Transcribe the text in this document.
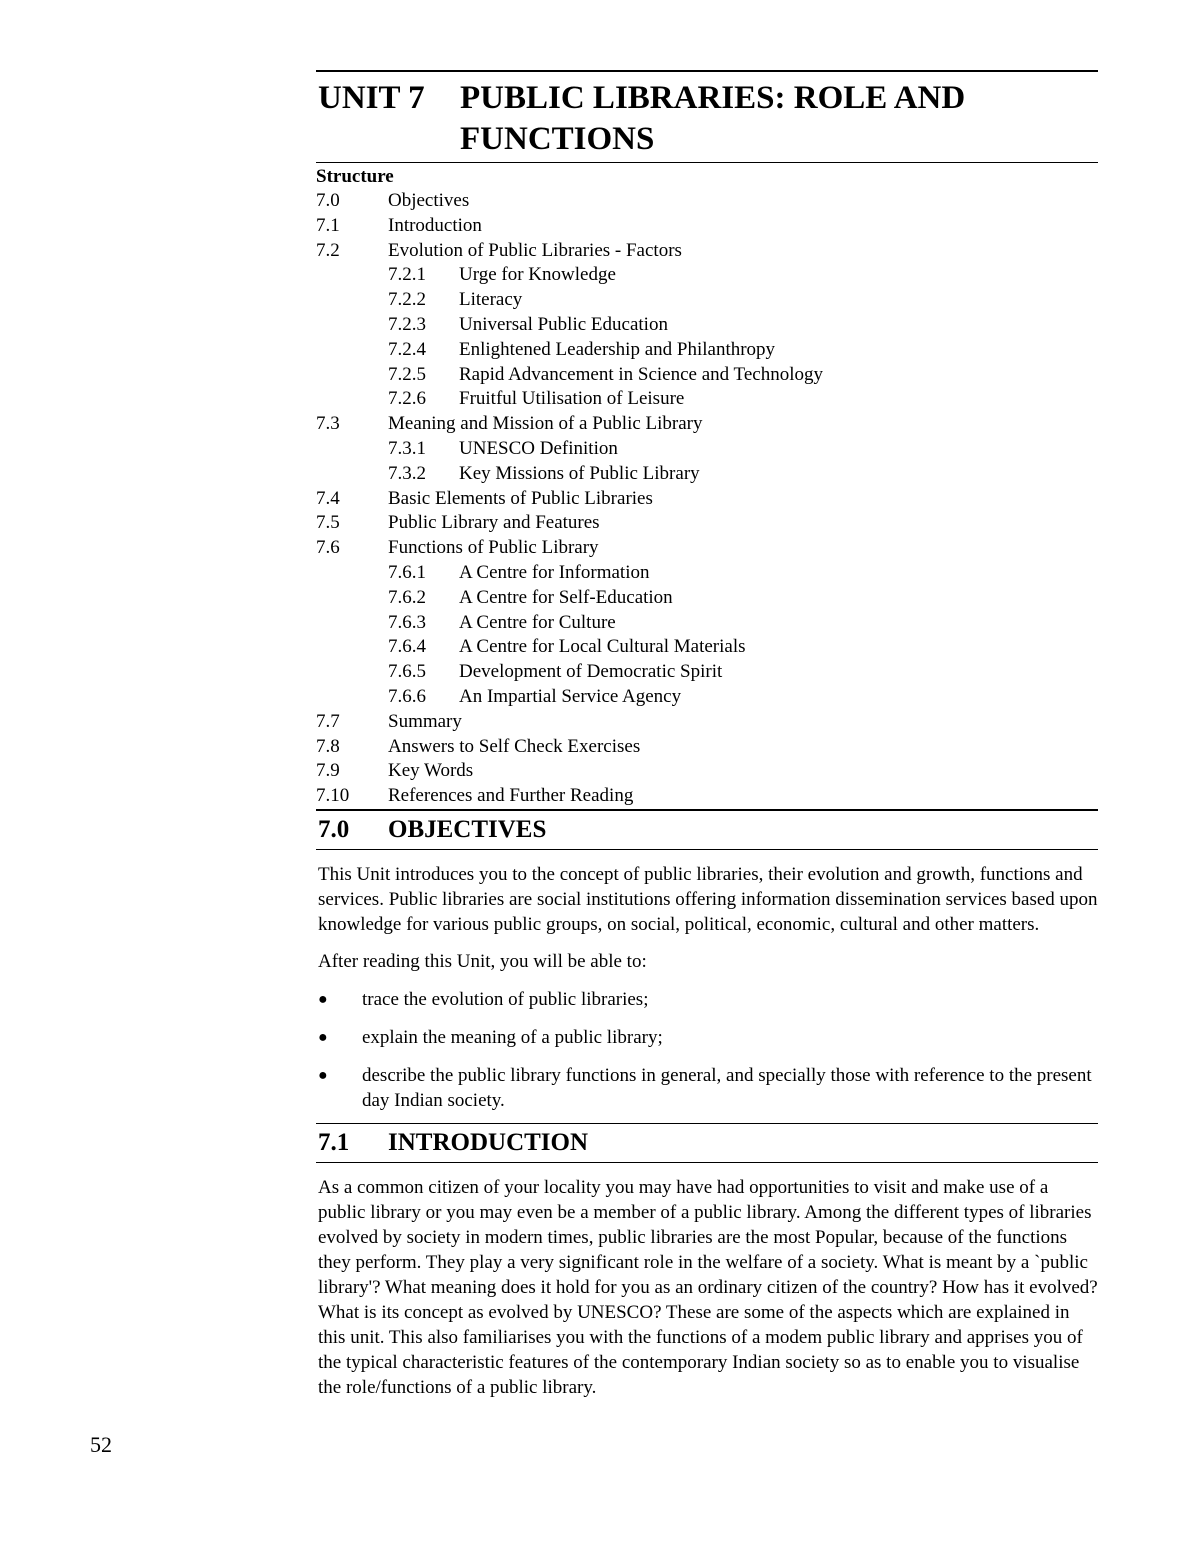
UNIT 7	PUBLIC LIBRARIES: ROLE AND FUNCTIONS
Structure
7.0	Objectives
7.1	Introduction
7.2	Evolution of Public Libraries - Factors
7.2.1	Urge for Knowledge
7.2.2	Literacy
7.2.3	Universal Public Education
7.2.4	Enlightened Leadership and Philanthropy
7.2.5	Rapid Advancement in Science and Technology
7.2.6	Fruitful Utilisation of Leisure
7.3	Meaning and Mission of a Public Library
7.3.1	UNESCO Definition
7.3.2	Key Missions of Public Library
7.4	Basic Elements of Public Libraries
7.5	Public Library and Features
7.6	Functions of Public Library
7.6.1	A Centre for Information
7.6.2	A Centre for Self-Education
7.6.3	A Centre for Culture
7.6.4	A Centre for Local Cultural Materials
7.6.5	Development of Democratic Spirit
7.6.6	An Impartial Service Agency
7.7	Summary
7.8	Answers to Self Check Exercises
7.9	Key Words
7.10	References and Further Reading
7.0	OBJECTIVES

This Unit introduces you to the concept of public libraries, their evolution and growth, functions and services. Public libraries are social institutions offering information dissemination services based upon knowledge for various public groups, on social, political, economic, cultural and other matters.

After reading this Unit, you will be able to:

●	trace the evolution of public libraries;
●	explain the meaning of a public library;
●	describe the public library functions in general, and specially those with reference to the present day Indian society.
7.1	INTRODUCTION

As a common citizen of your locality you may have had opportunities to visit and make use of a public library or you may even be a member of a public library. Among the different types of libraries evolved by society in modern times, public libraries are the most Popular, because of the functions they perform. They play a very significant role in the welfare of a society. What is meant by a `public library'? What meaning does it hold for you as an ordinary citizen of the country? How has it evolved? What is its concept as evolved by UNESCO? These are some of the aspects which are explained in this unit. This also familiarises you with the functions of a modem public library and apprises you of the typical characteristic features of the contemporary Indian society so as to enable you to visualise the role/functions of a public library.

52
